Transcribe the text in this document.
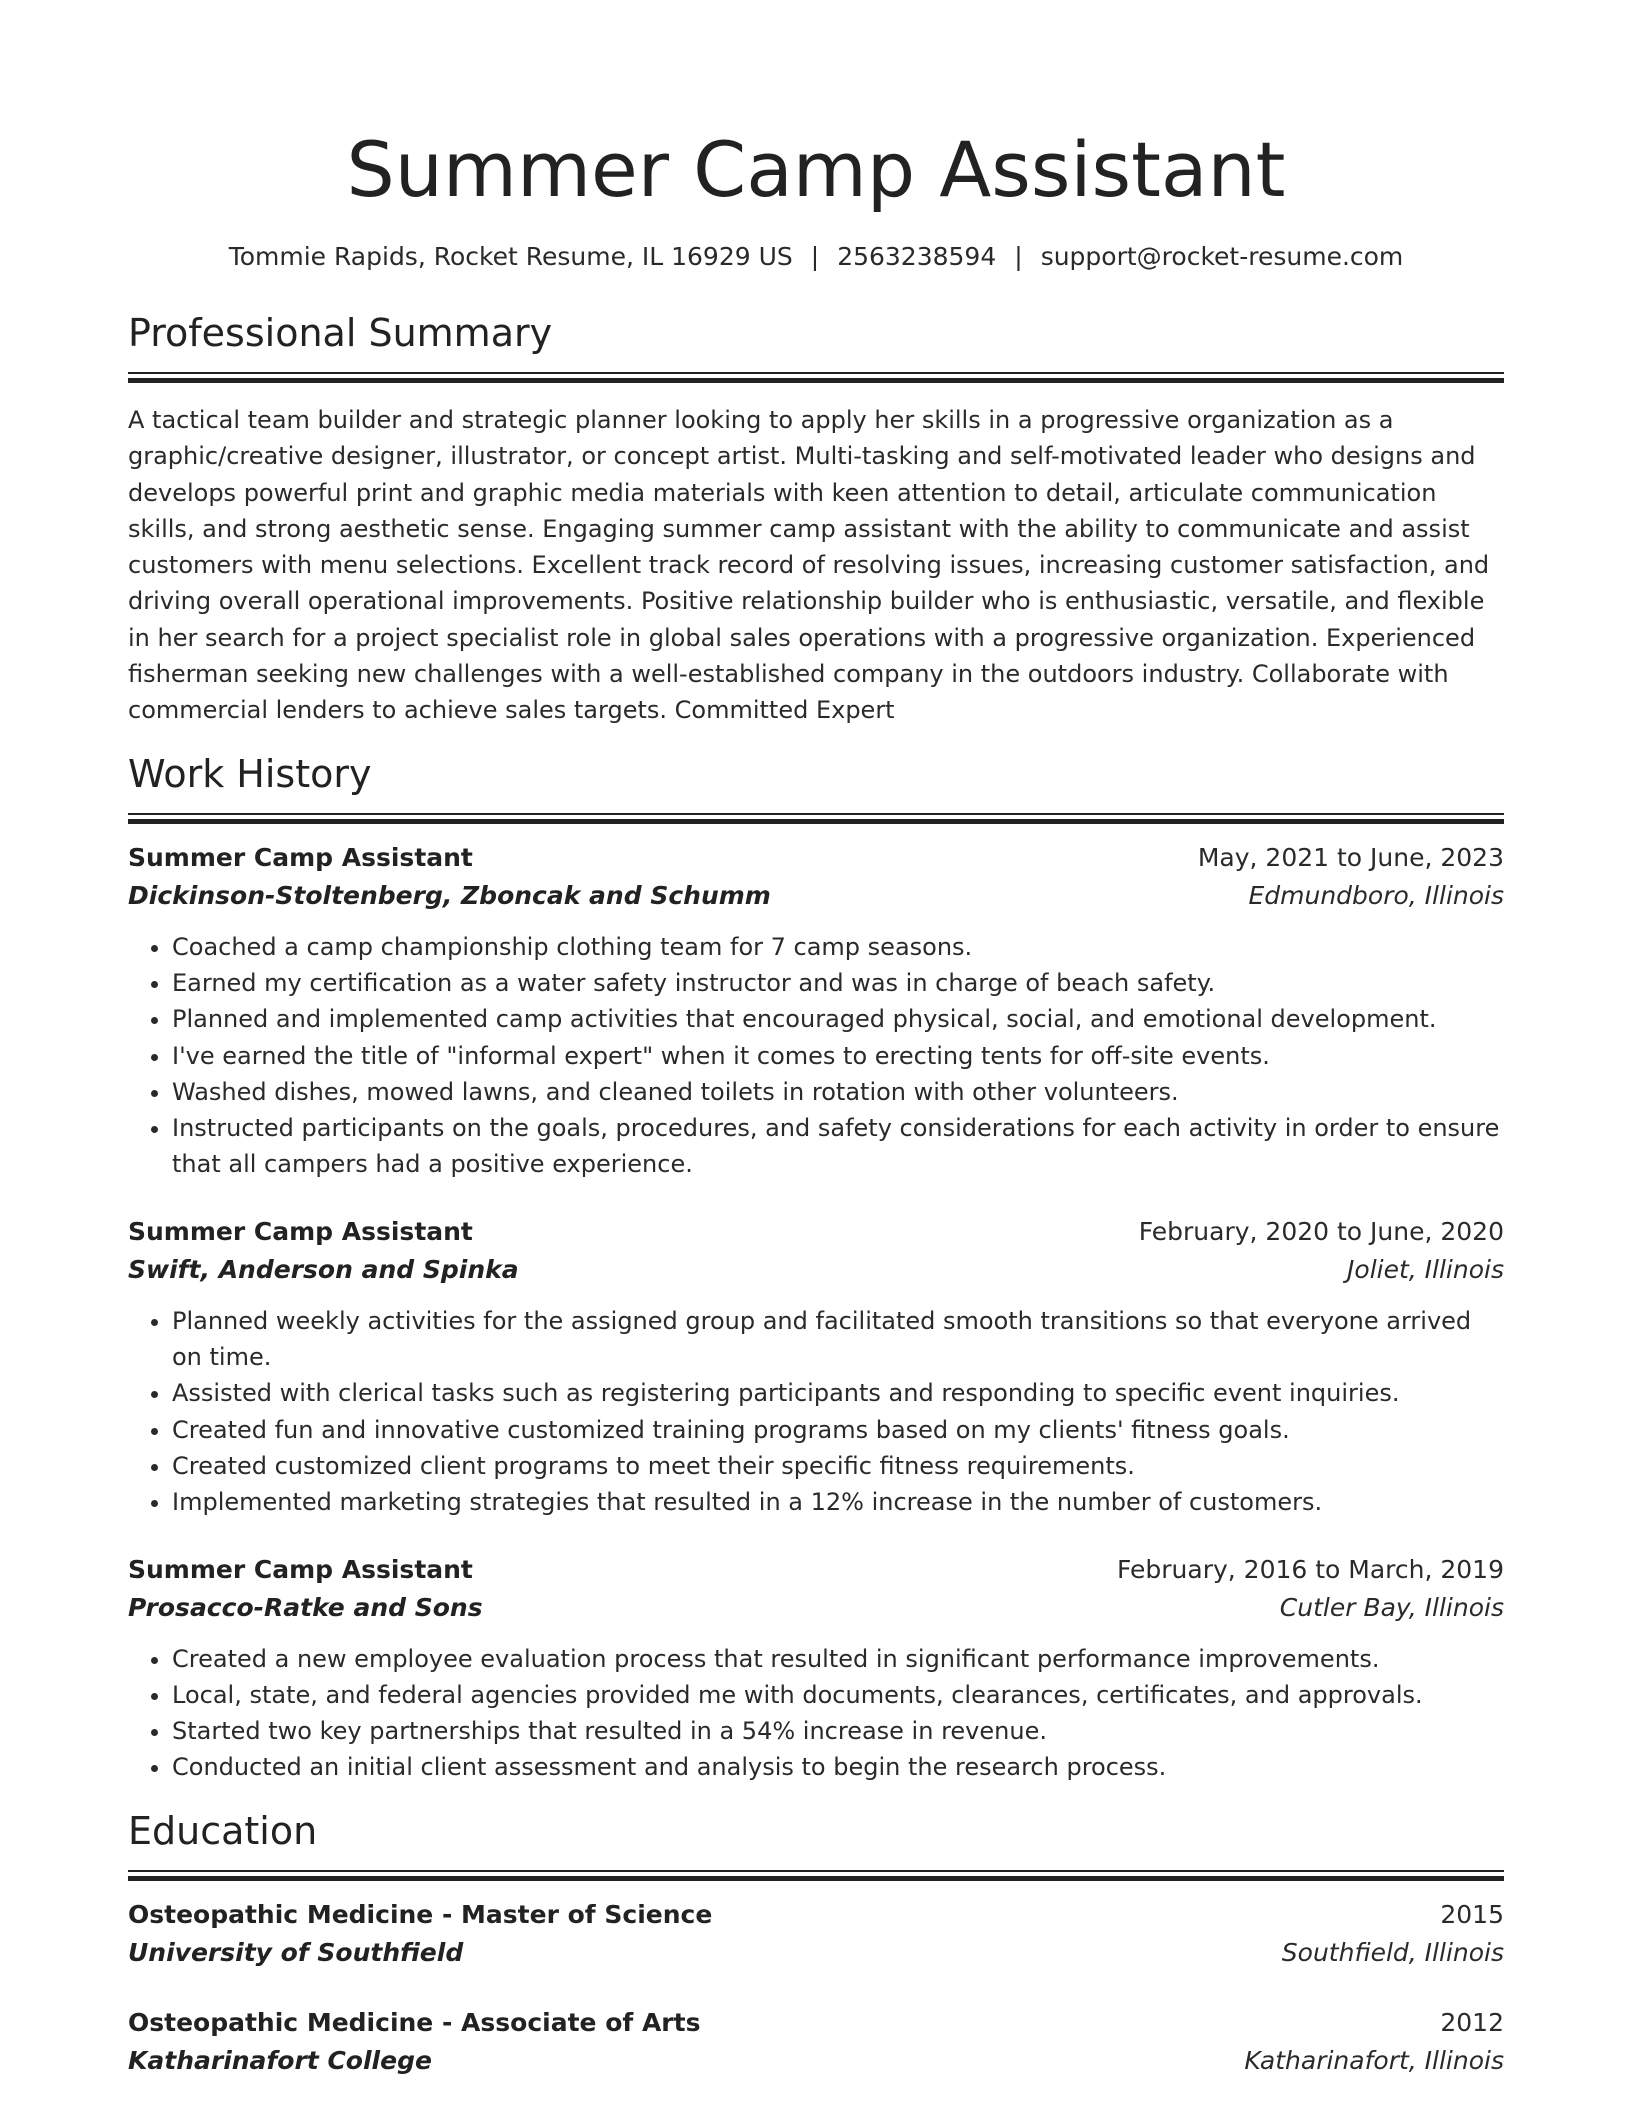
Summer Camp Assistant
Tommie Rapids, Rocket Resume, IL 16929 US | 2563238594 | support@rocket-resume.com
Professional Summary
A tactical team builder and strategic planner looking to apply her skills in a progressive organization as a graphic/creative designer, illustrator, or concept artist. Multi-tasking and self-motivated leader who designs and develops powerful print and graphic media materials with keen attention to detail, articulate communication skills, and strong aesthetic sense. Engaging summer camp assistant with the ability to communicate and assist customers with menu selections. Excellent track record of resolving issues, increasing customer satisfaction, and driving overall operational improvements. Positive relationship builder who is enthusiastic, versatile, and flexible in her search for a project specialist role in global sales operations with a progressive organization. Experienced fisherman seeking new challenges with a well-established company in the outdoors industry. Collaborate with commercial lenders to achieve sales targets. Committed Expert
Work History
Summer Camp Assistant	May, 2021 to June, 2023
Dickinson-Stoltenberg, Zboncak and Schumm	Edmundboro, Illinois
• Coached a camp championship clothing team for 7 camp seasons.
• Earned my certification as a water safety instructor and was in charge of beach safety.
• Planned and implemented camp activities that encouraged physical, social, and emotional development.
• I've earned the title of "informal expert" when it comes to erecting tents for off-site events.
• Washed dishes, mowed lawns, and cleaned toilets in rotation with other volunteers.
• Instructed participants on the goals, procedures, and safety considerations for each activity in order to ensure that all campers had a positive experience.
Summer Camp Assistant	February, 2020 to June, 2020
Swift, Anderson and Spinka	Joliet, Illinois
• Planned weekly activities for the assigned group and facilitated smooth transitions so that everyone arrived on time.
• Assisted with clerical tasks such as registering participants and responding to specific event inquiries.
• Created fun and innovative customized training programs based on my clients' fitness goals.
• Created customized client programs to meet their specific fitness requirements.
• Implemented marketing strategies that resulted in a 12% increase in the number of customers.
Summer Camp Assistant	February, 2016 to March, 2019
Prosacco-Ratke and Sons	Cutler Bay, Illinois
• Created a new employee evaluation process that resulted in significant performance improvements.
• Local, state, and federal agencies provided me with documents, clearances, certificates, and approvals.
• Started two key partnerships that resulted in a 54% increase in revenue.
• Conducted an initial client assessment and analysis to begin the research process.
Education
Osteopathic Medicine - Master of Science	2015
University of Southfield	Southfield, Illinois
Osteopathic Medicine - Associate of Arts	2012
Katharinafort College	Katharinafort, Illinois
